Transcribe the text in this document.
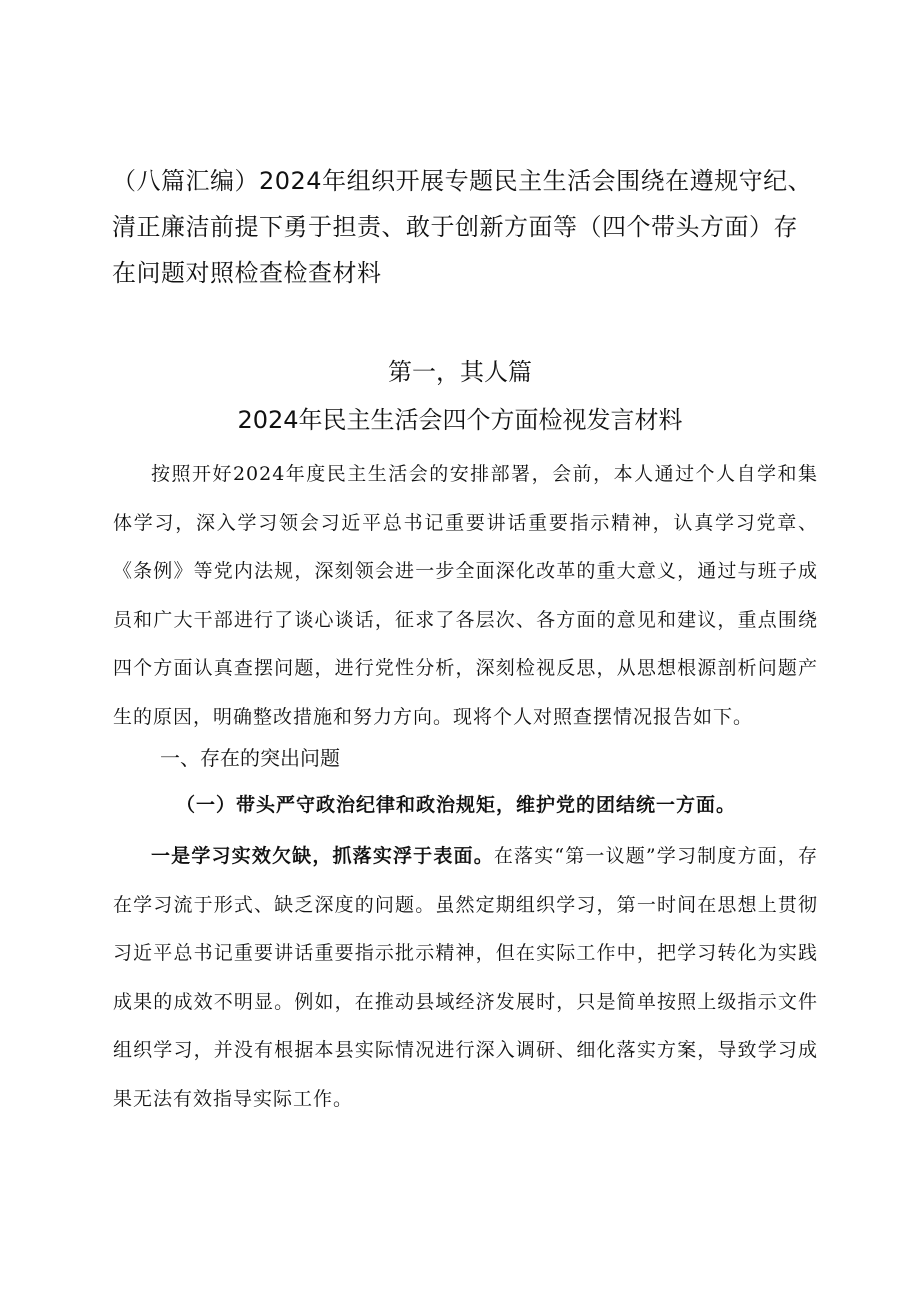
（八篇汇编）2024年组织开展专题民主生活会围绕在遵规守纪、清正廉洁前提下勇于担责、敢于创新方面等（四个带头方面）存在问题对照检查检查材料
第一，其人篇
2024年民主生活会四个方面检视发言材料

按照开好2024年度民主生活会的安排部署，会前，本人通过个人自学和集体学习，深入学习领会习近平总书记重要讲话重要指示精神，认真学习党章、《条例》等党内法规，深刻领会进一步全面深化改革的重大意义，通过与班子成员和广大干部进行了谈心谈话，征求了各层次、各方面的意见和建议，重点围绕四个方面认真查摆问题，进行党性分析，深刻检视反思，从思想根源剖析问题产生的原因，明确整改措施和努力方向。现将个人对照查摆情况报告如下。

一、存在的突出问题
（一）带头严守政治纪律和政治规矩，维护党的团结统一方面。

一是学习实效欠缺，抓落实浮于表面。在落实“第一议题”学习制度方面，存在学习流于形式、缺乏深度的问题。虽然定期组织学习，第一时间在思想上贯彻习近平总书记重要讲话重要指示批示精神，但在实际工作中，把学习转化为实践成果的成效不明显。例如，在推动县域经济发展时，只是简单按照上级指示文件组织学习，并没有根据本县实际情况进行深入调研、细化落实方案，导致学习成果无法有效指导实际工作。
